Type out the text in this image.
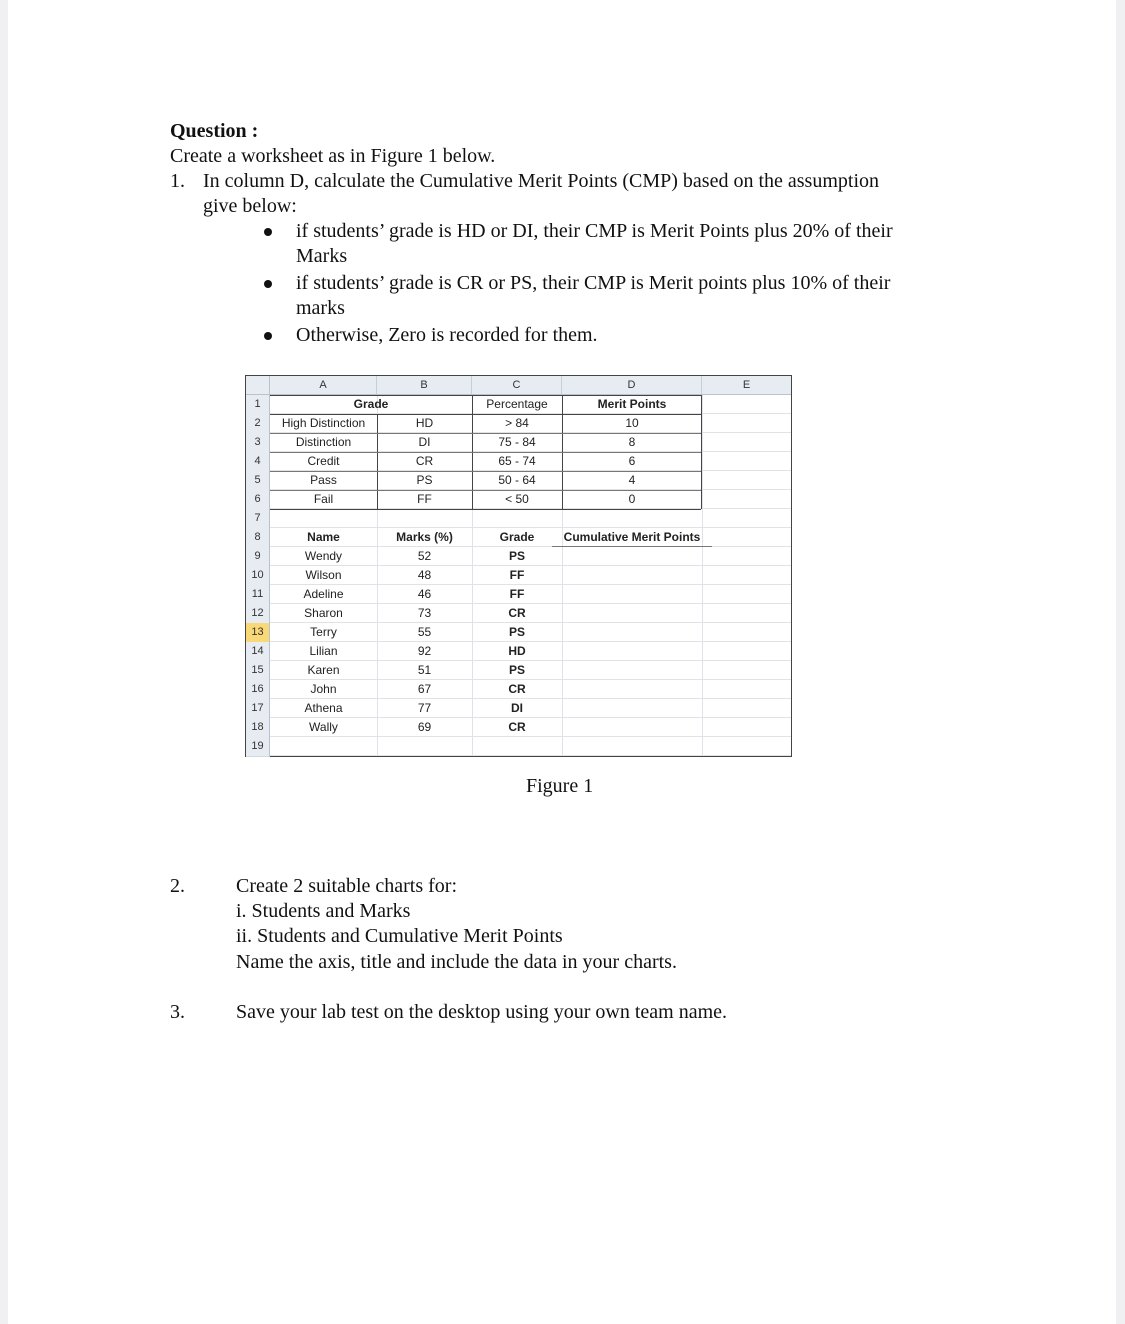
Question :
Create a worksheet as in Figure 1 below.
1. In column D, calculate the Cumulative Merit Points (CMP) based on the assumption
give below:
if students’ grade is HD or DI, their CMP is Merit Points plus 20% of their
Marks
if students’ grade is CR or PS, their CMP is Merit points plus 10% of their
marks
Otherwise, Zero is recorded for them.
A	B	C	D	E
1
2
3
4
5
6
7
8
9
10
11
12
13
14
15
16
17
18
19
Grade	Percentage	Merit Points
High Distinction	HD	> 84	10
Distinction	DI	75 - 84	8
Credit	CR	65 - 74	6
Pass	PS	50 - 64	4
Fail	FF	< 50	0
Name	Marks (%)	Grade	Cumulative Merit Points
Wendy	52	PS
Wilson	48	FF
Adeline	46	FF
Sharon	73	CR
Terry	55	PS
Lilian	92	HD
Karen	51	PS
John	67	CR
Athena	77	DI
Wally	69	CR
Figure 1
2.	Create 2 suitable charts for:
i. Students and Marks
ii. Students and Cumulative Merit Points
Name the axis, title and include the data in your charts.
3.	Save your lab test on the desktop using your own team name.
